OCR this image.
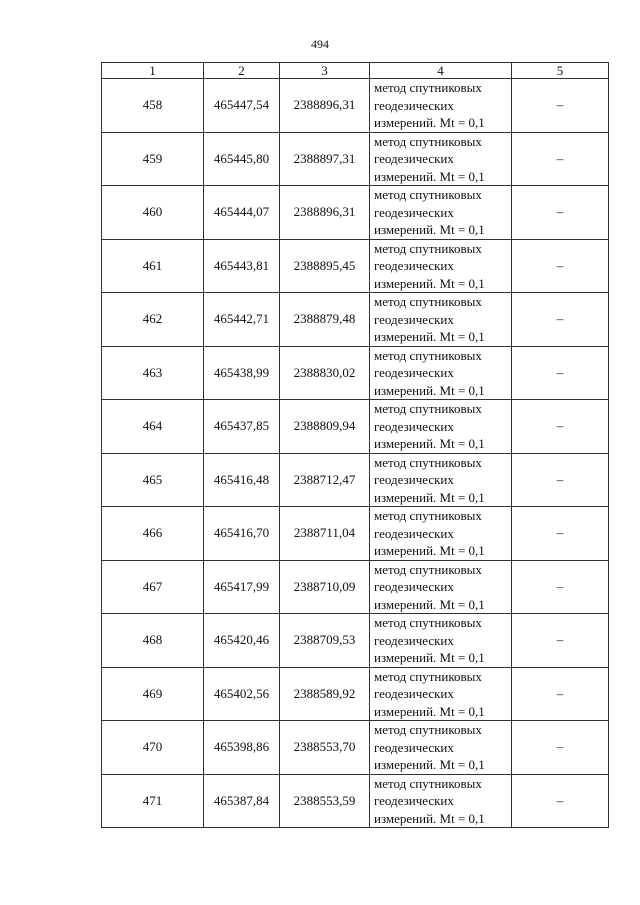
494
1	2	3	4	5
458	465447,54	2388896,31	метод спутниковых
геодезических
измерений. Mt = 0,1	–
459	465445,80	2388897,31	метод спутниковых
геодезических
измерений. Mt = 0,1	–
460	465444,07	2388896,31	метод спутниковых
геодезических
измерений. Mt = 0,1	–
461	465443,81	2388895,45	метод спутниковых
геодезических
измерений. Mt = 0,1	–
462	465442,71	2388879,48	метод спутниковых
геодезических
измерений. Mt = 0,1	–
463	465438,99	2388830,02	метод спутниковых
геодезических
измерений. Mt = 0,1	–
464	465437,85	2388809,94	метод спутниковых
геодезических
измерений. Mt = 0,1	–
465	465416,48	2388712,47	метод спутниковых
геодезических
измерений. Mt = 0,1	–
466	465416,70	2388711,04	метод спутниковых
геодезических
измерений. Mt = 0,1	–
467	465417,99	2388710,09	метод спутниковых
геодезических
измерений. Mt = 0,1	–
468	465420,46	2388709,53	метод спутниковых
геодезических
измерений. Mt = 0,1	–
469	465402,56	2388589,92	метод спутниковых
геодезических
измерений. Mt = 0,1	–
470	465398,86	2388553,70	метод спутниковых
геодезических
измерений. Mt = 0,1	–
471	465387,84	2388553,59	метод спутниковых
геодезических
измерений. Mt = 0,1	–
